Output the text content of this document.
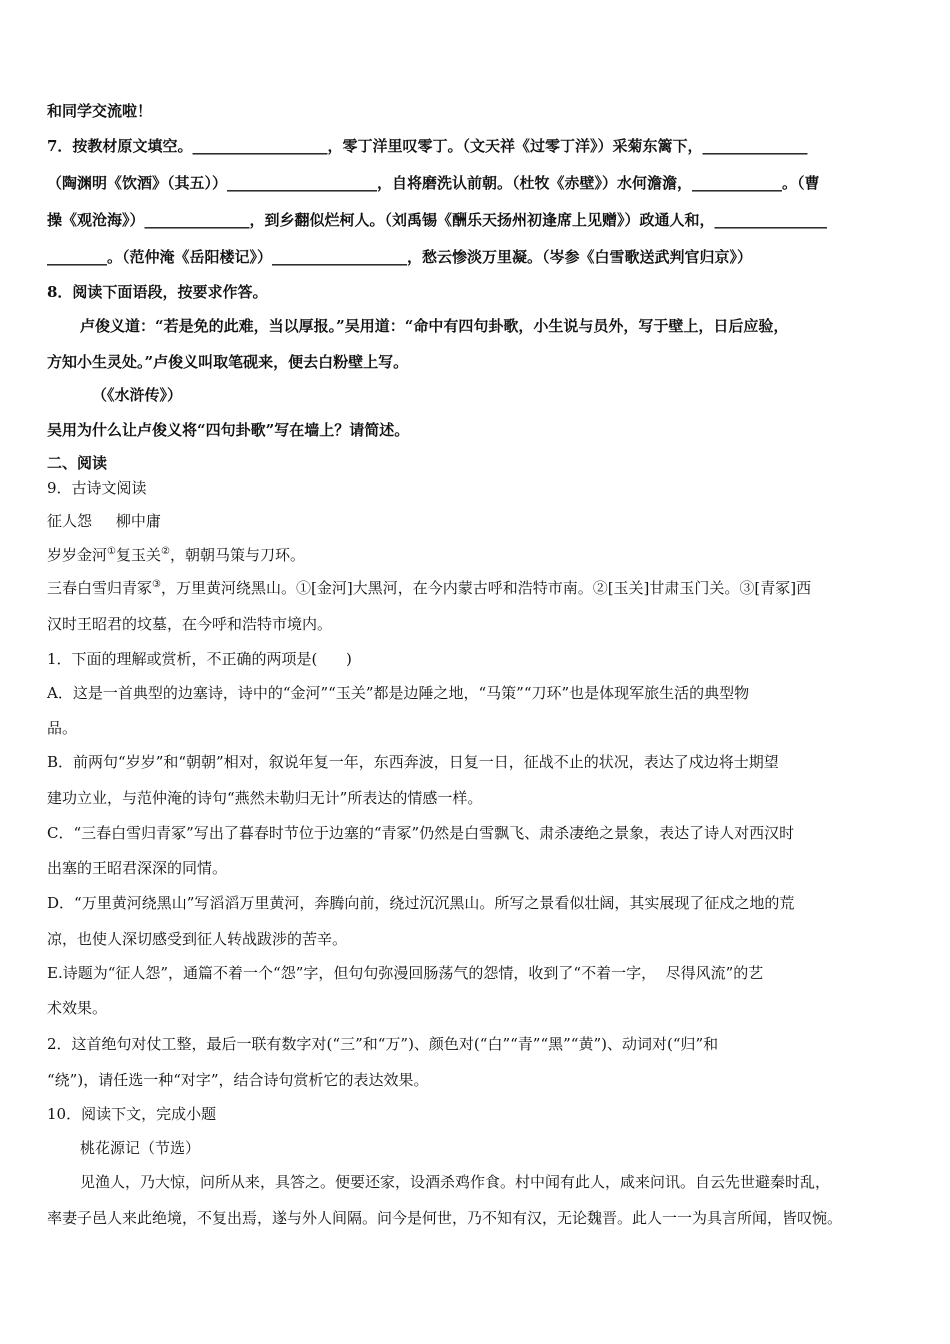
和同学交流啦！
7．按教材原文填空。__________________，零丁洋里叹零丁。（文天祥《过零丁洋》）采菊东篱下，______________
（陶渊明《饮酒》（其五））____________________，自将磨洗认前朝。（杜牧《赤壁》）水何澹澹，____________。（曹
操《观沧海》）______________，到乡翻似烂柯人。（刘禹锡《酬乐天扬州初逢席上见赠》）政通人和，_______________
________。（范仲淹《岳阳楼记》）__________________，愁云惨淡万里凝。（岑参《白雪歌送武判官归京》）
8．阅读下面语段，按要求作答。
卢俊义道：“若是免的此难，当以厚报。”吴用道：“命中有四句卦歌，小生说与员外，写于壁上，日后应验，
方知小生灵处。”卢俊义叫取笔砚来，便去白粉壁上写。
（《水浒传》）
吴用为什么让卢俊义将“四句卦歌”写在墙上？请简述。
二、阅读
9．古诗文阅读
征人怨     柳中庸
岁岁金河①复玉关②，朝朝马策与刀环。
三春白雪归青冢③，万里黄河绕黑山。①[金河]大黑河，在今内蒙古呼和浩特市南。②[玉关]甘肃玉门关。③[青冢]西
汉时王昭君的坟墓，在今呼和浩特市境内。
1．下面的理解或赏析，不正确的两项是(      )
A．这是一首典型的边塞诗，诗中的“金河”“玉关”都是边陲之地，“马策”“刀环”也是体现军旅生活的典型物
品。
B．前两句“岁岁”和“朝朝”相对，叙说年复一年，东西奔波，日复一日，征战不止的状况，表达了戍边将士期望
建功立业，与范仲淹的诗句“燕然未勒归无计”所表达的情感一样。
C．“三春白雪归青冢”写出了暮春时节位于边塞的“青冢”仍然是白雪飘飞、肃杀凄绝之景象，表达了诗人对西汉时
出塞的王昭君深深的同情。
D．“万里黄河绕黑山”写滔滔万里黄河，奔腾向前，绕过沉沉黑山。所写之景看似壮阔，其实展现了征戍之地的荒
凉，也使人深切感受到征人转战跋涉的苦辛。
E.诗题为“征人怨”，通篇不着一个“怨”字，但句句弥漫回肠荡气的怨情，收到了“不着一字，  尽得风流”的艺
术效果。
2．这首绝句对仗工整，最后一联有数字对(“三”和“万”)、颜色对(“白”“青”“黑”“黄”)、动词对(“归”和
“绕”)，请任选一种“对字”，结合诗句赏析它的表达效果。
10．阅读下文，完成小题
桃花源记（节选）
见渔人，乃大惊，问所从来，具答之。便要还家，设酒杀鸡作食。村中闻有此人，咸来问讯。自云先世避秦时乱，
率妻子邑人来此绝境，不复出焉，遂与外人间隔。问今是何世，乃不知有汉，无论魏晋。此人一一为具言所闻，皆叹惋。
